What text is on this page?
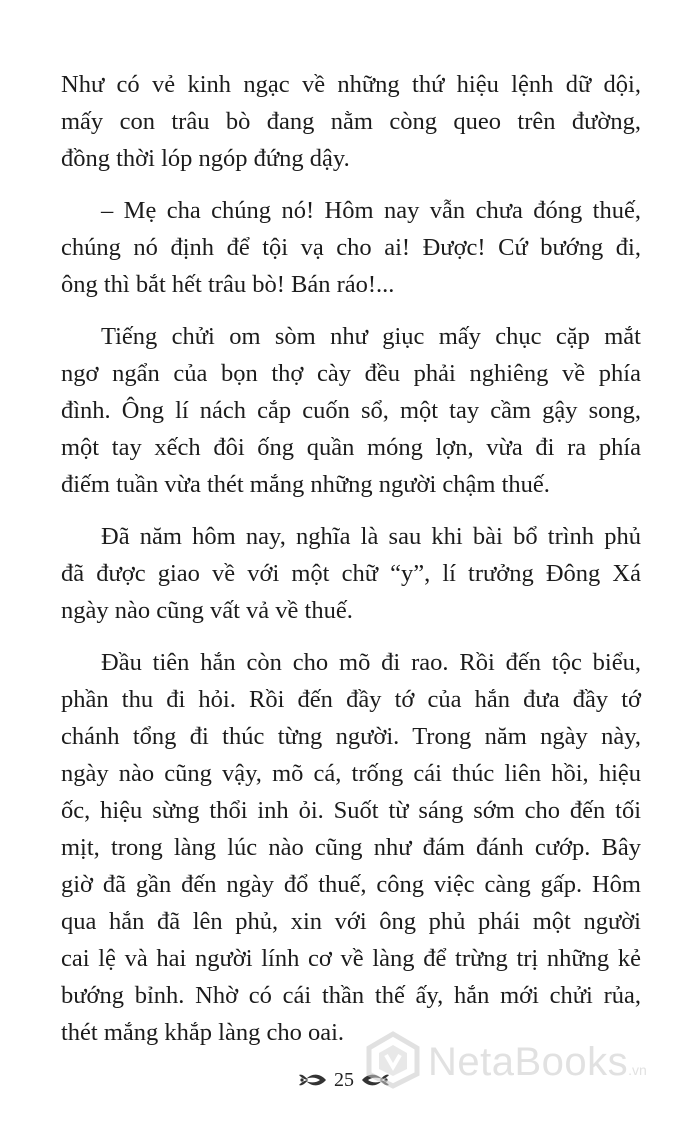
Như có vẻ kinh ngạc về những thứ hiệu lệnh dữ dội,
mấy con trâu bò đang nằm còng queo trên đường,
đồng thời lóp ngóp đứng dậy.
– Mẹ cha chúng nó! Hôm nay vẫn chưa đóng thuế,
chúng nó định để tội vạ cho ai! Được! Cứ bướng đi,
ông thì bắt hết trâu bò! Bán ráo!...
Tiếng chửi om sòm như giục mấy chục cặp mắt
ngơ ngẩn của bọn thợ cày đều phải nghiêng về phía
đình. Ông lí nách cắp cuốn sổ, một tay cầm gậy song,
một tay xếch đôi ống quần móng lợn, vừa đi ra phía
điếm tuần vừa thét mắng những người chậm thuế.
Đã năm hôm nay, nghĩa là sau khi bài bổ trình phủ
đã được giao về với một chữ “y”, lí trưởng Đông Xá
ngày nào cũng vất vả về thuế.
Đầu tiên hắn còn cho mõ đi rao. Rồi đến tộc biểu,
phần thu đi hỏi. Rồi đến đầy tớ của hắn đưa đầy tớ
chánh tổng đi thúc từng người. Trong năm ngày này,
ngày nào cũng vậy, mõ cá, trống cái thúc liên hồi, hiệu
ốc, hiệu sừng thổi inh ỏi. Suốt từ sáng sớm cho đến tối
mịt, trong làng lúc nào cũng như đám đánh cướp. Bây
giờ đã gần đến ngày đổ thuế, công việc càng gấp. Hôm
qua hắn đã lên phủ, xin với ông phủ phái một người
cai lệ và hai người lính cơ về làng để trừng trị những kẻ
bướng bỉnh. Nhờ có cái thần thế ấy, hắn mới chửi rủa,
thét mắng khắp làng cho oai.
25 NetaBooks .vn
